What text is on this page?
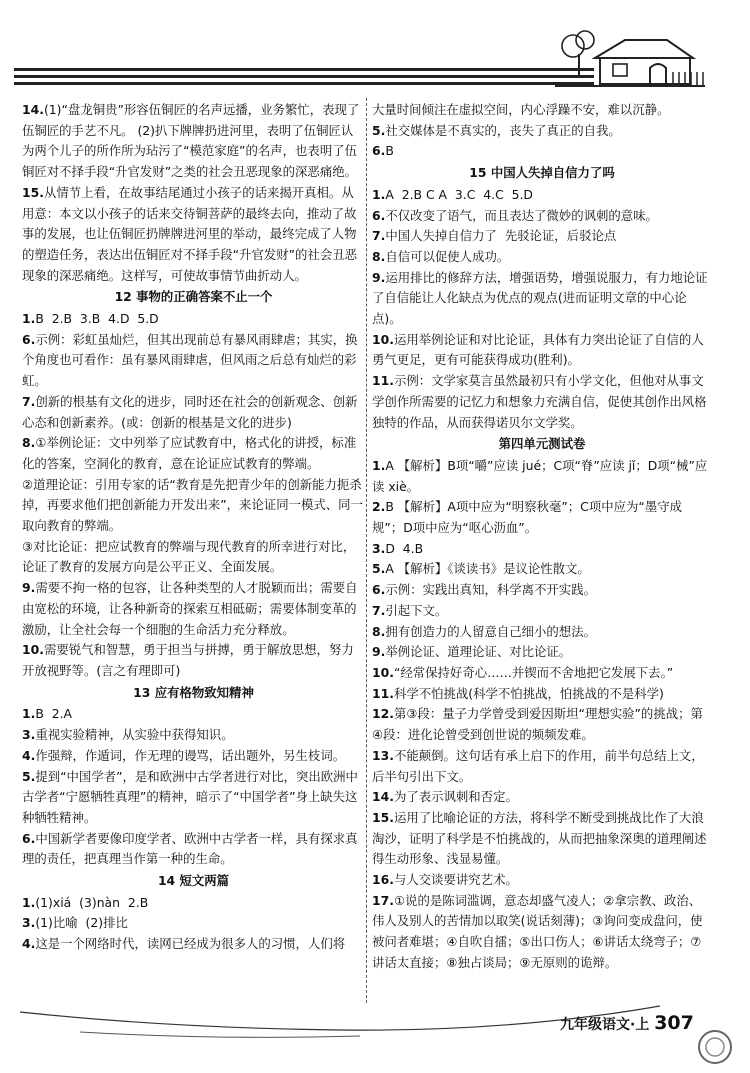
14.(1)“盘龙铜贵”形容伍铜匠的名声远播，业务繁忙，表现了伍铜匠的手艺不凡。 (2)扒下牌牌扔进河里，表明了伍铜匠认为两个儿子的所作所为玷污了“模范家庭”的名声，也表明了伍铜匠对不择手段“升官发财”之类的社会丑恶现象的深恶痛绝。

15.从情节上看，在故事结尾通过小孩子的话来揭开真相。从用意：本文以小孩子的话来交待铜菩萨的最终去向，推动了故事的发展，也让伍铜匠扔牌牌进河里的举动，最终完成了人物的塑造任务，表达出伍铜匠对不择手段“升官发财”的社会丑恶现象的深恶痛绝。这样写，可使故事情节曲折动人。

12 事物的正确答案不止一个

1.B  2.B  3.B  4.D  5.D

6.示例：彩虹虽灿烂，但其出现前总有暴风雨肆虐；其实，换个角度也可看作：虽有暴风雨肆虐，但风雨之后总有灿烂的彩虹。

7.创新的根基有文化的进步，同时还在社会的创新观念、创新心态和创新素养。(或：创新的根基是文化的进步)

8.①举例论证：文中列举了应试教育中，格式化的讲授，标准化的答案，空洞化的教育，意在论证应试教育的弊端。
②道理论证：引用专家的话“教育是先把青少年的创新能力扼杀掉，再要求他们把创新能力开发出来”，来论证同一模式、同一取向教育的弊端。
③对比论证：把应试教育的弊端与现代教育的所幸进行对比，论证了教育的发展方向是公平正义、全面发展。

9.需要不拘一格的包容，让各种类型的人才脱颖而出；需要自由宽松的环境，让各种新奇的探索互相砥砺；需要体制变革的激励，让全社会每一个细胞的生命活力充分释放。

10.需要锐气和智慧，勇于担当与拼搏，勇于解放思想，努力开放视野等。(言之有理即可)

13 应有格物致知精神

1.B  2.A

3.重视实验精神，从实验中获得知识。

4.作强辩，作遁词，作无理的谩骂，话出题外，另生枝词。

5.提到“中国学者”，是和欧洲中古学者进行对比，突出欧洲中古学者“宁愿牺牲真理”的精神，暗示了“中国学者”身上缺失这种牺牲精神。

6.中国新学者要像印度学者、欧洲中古学者一样，具有探求真理的责任，把真理当作第一种的生命。

14 短文两篇

1.(1)xiá  (3)nàn  2.B

3.(1)比喻  (2)排比

4.这是一个网络时代，读网已经成为很多人的习惯，人们将

大量时间倾注在虚拟空间，内心浮躁不安，难以沉静。

5.社交媒体是不真实的，丧失了真正的自我。

6.B

15 中国人失掉自信力了吗

1.A  2.B C A  3.C  4.C  5.D

6.不仅改变了语气，而且表达了微妙的讽刺的意味。

7.中国人失掉自信力了  先驳论证，后驳论点

8.自信可以促使人成功。

9.运用排比的修辞方法，增强语势，增强说服力，有力地论证了自信能让人化缺点为优点的观点(进而证明文章的中心论点)。

10.运用举例论证和对比论证，具体有力突出论证了自信的人勇气更足，更有可能获得成功(胜利)。

11.示例：文学家莫言虽然最初只有小学文化，但他对从事文学创作所需要的记忆力和想象力充满自信，促使其创作出风格独特的作品，从而获得诺贝尔文学奖。

第四单元测试卷

1.A 【解析】B项“嚼”应读 jué；C项“脊”应读 jǐ；D项“械”应读 xiè。

2.B 【解析】A项中应为“明察秋毫”；C项中应为“墨守成规”；D项中应为“呕心沥血”。

3.D  4.B

5.A 【解析】《谈读书》是议论性散文。

6.示例：实践出真知，科学离不开实践。

7.引起下文。

8.拥有创造力的人留意自己细小的想法。

9.举例论证、道理论证、对比论证。

10.“经常保持好奇心……并锲而不舍地把它发展下去。”

11.科学不怕挑战(科学不怕挑战，怕挑战的不是科学)

12.第③段：量子力学曾受到爱因斯坦“理想实验”的挑战；第④段：进化论曾受到创世说的频频发难。

13.不能颠倒。这句话有承上启下的作用，前半句总结上文，后半句引出下文。

14.为了表示讽刺和否定。

15.运用了比喻论证的方法，将科学不断受到挑战比作了大浪淘沙，证明了科学是不怕挑战的，从而把抽象深奥的道理阐述得生动形象、浅显易懂。

16.与人交谈要讲究艺术。

17.①说的是陈词滥调，意态却盛气凌人；②拿宗教、政治、伟人及别人的苦情加以取笑(说话刻薄)；③询问变成盘问，使被问者难堪；④自吹自擂；⑤出口伤人；⑥讲话太绕弯子；⑦讲话太直接；⑧独占谈局；⑨无原则的诡辩。

九年级语文·上 307
